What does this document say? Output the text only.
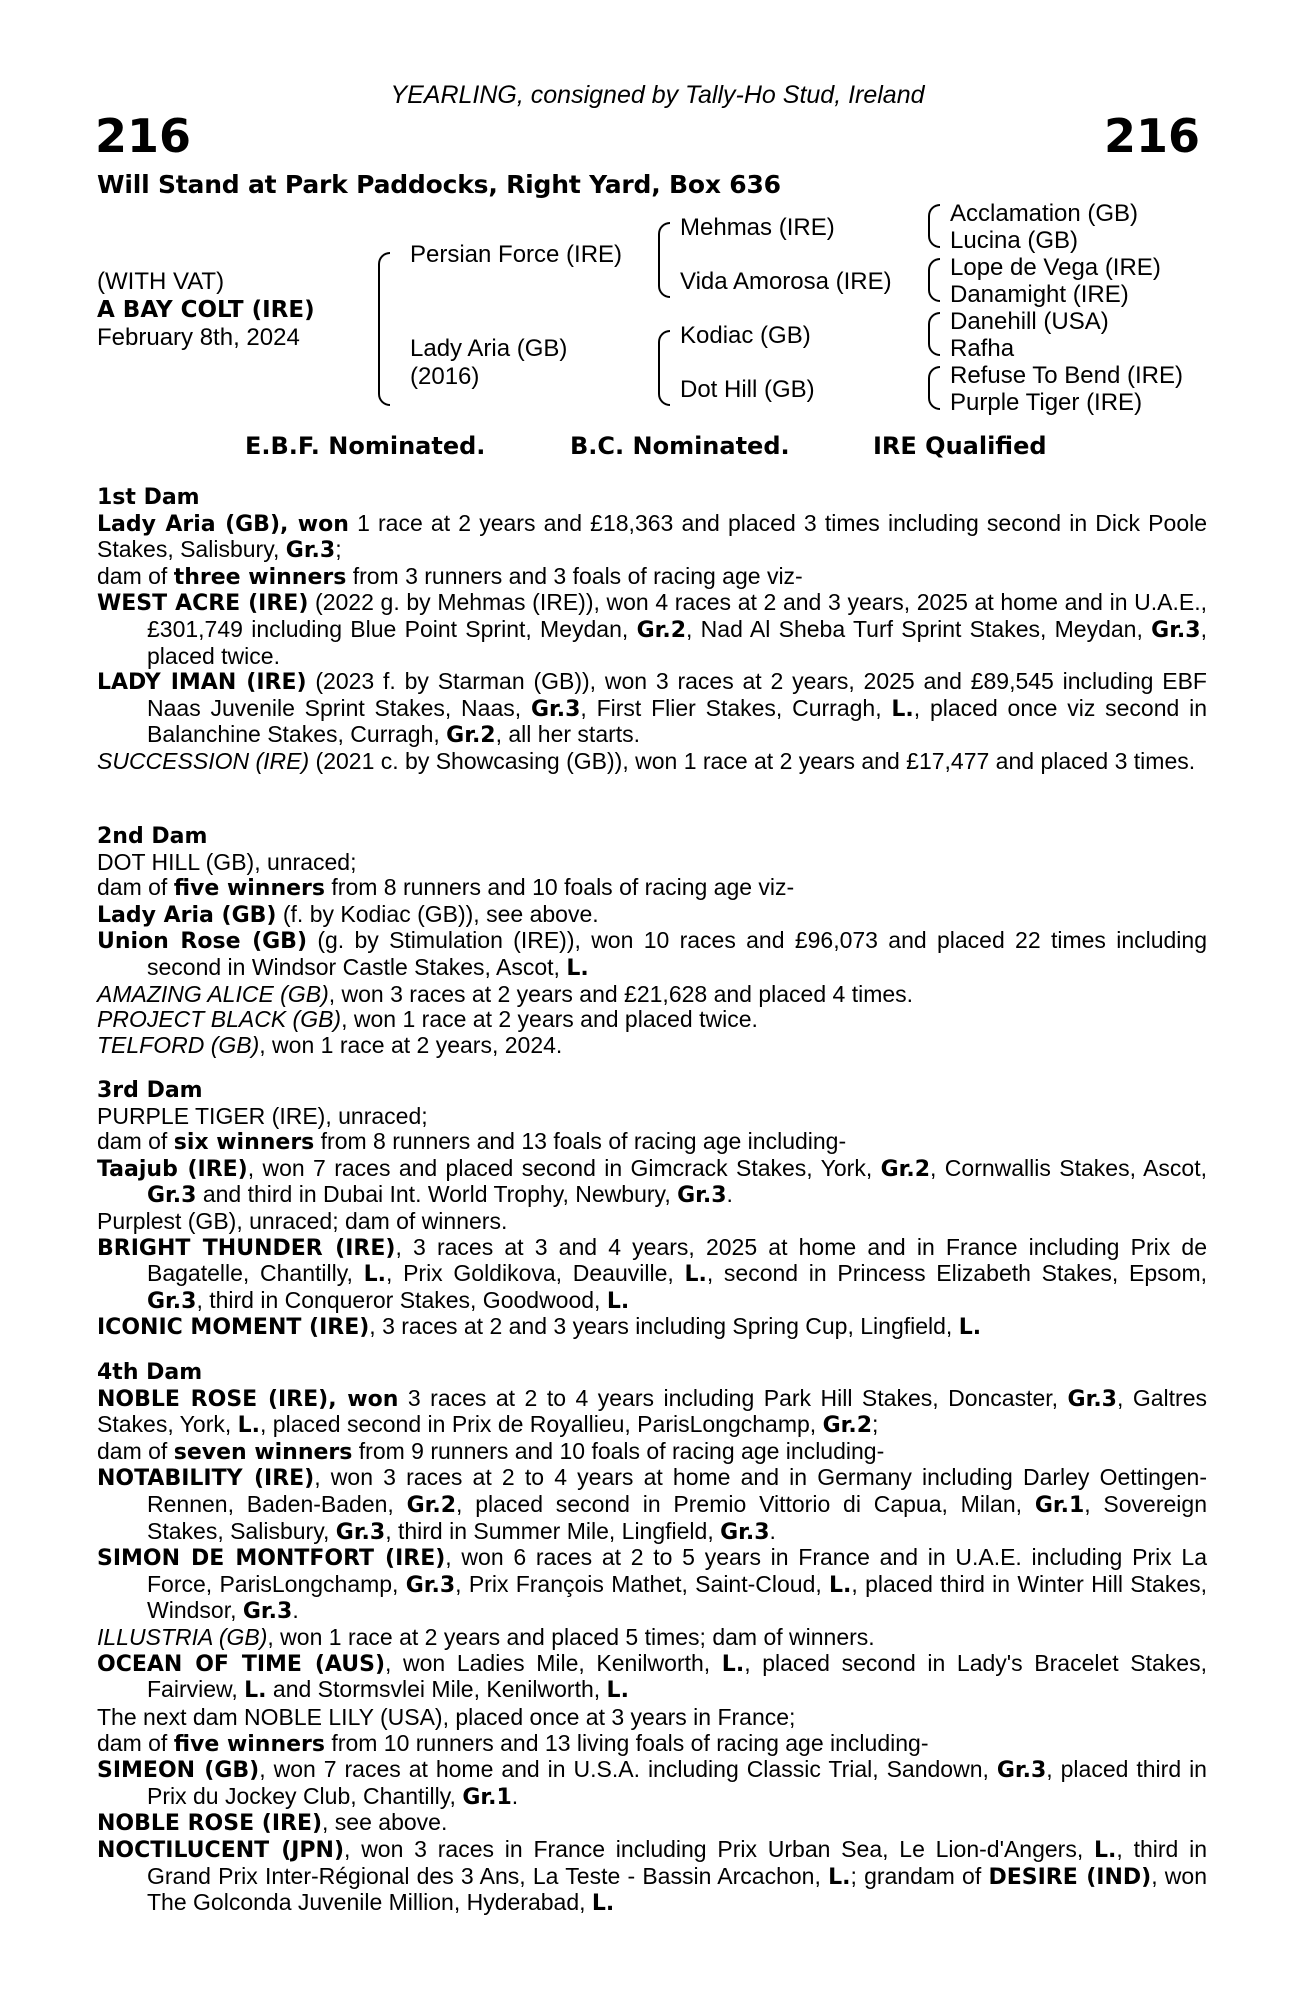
YEARLING, consigned by Tally-Ho Stud, Ireland
216	216
Will Stand at Park Paddocks, Right Yard, Box 636
(WITH VAT)
A BAY COLT (IRE)
February 8th, 2024
Persian Force (IRE)
Lady Aria (GB)
(2016)
Mehmas (IRE)
Vida Amorosa (IRE)
Kodiac (GB)
Dot Hill (GB)
Acclamation (GB)
Lucina (GB)
Lope de Vega (IRE)
Danamight (IRE)
Danehill (USA)
Rafha
Refuse To Bend (IRE)
Purple Tiger (IRE)
E.B.F. Nominated.	B.C. Nominated.	IRE Qualified

1st Dam

Lady Aria (GB), won 1 race at 2 years and £18,363 and placed 3 times including second in Dick Poole Stakes, Salisbury, Gr.3;

dam of three winners from 3 runners and 3 foals of racing age viz-

WEST ACRE (IRE) (2022 g. by Mehmas (IRE)), won 4 races at 2 and 3 years, 2025 at home and in U.A.E., £301,749 including Blue Point Sprint, Meydan, Gr.2, Nad Al Sheba Turf Sprint Stakes, Meydan, Gr.3, placed twice.

LADY IMAN (IRE) (2023 f. by Starman (GB)), won 3 races at 2 years, 2025 and £89,545 including EBF Naas Juvenile Sprint Stakes, Naas, Gr.3, First Flier Stakes, Curragh, L., placed once viz second in Balanchine Stakes, Curragh, Gr.2, all her starts.

SUCCESSION (IRE) (2021 c. by Showcasing (GB)), won 1 race at 2 years and £17,477 and placed 3 times.

2nd Dam

DOT HILL (GB), unraced;

dam of five winners from 8 runners and 10 foals of racing age viz-

Lady Aria (GB) (f. by Kodiac (GB)), see above.

Union Rose (GB) (g. by Stimulation (IRE)), won 10 races and £96,073 and placed 22 times including second in Windsor Castle Stakes, Ascot, L.

AMAZING ALICE (GB), won 3 races at 2 years and £21,628 and placed 4 times.

PROJECT BLACK (GB), won 1 race at 2 years and placed twice.

TELFORD (GB), won 1 race at 2 years, 2024.

3rd Dam

PURPLE TIGER (IRE), unraced;

dam of six winners from 8 runners and 13 foals of racing age including-

Taajub (IRE), won 7 races and placed second in Gimcrack Stakes, York, Gr.2, Cornwallis Stakes, Ascot, Gr.3 and third in Dubai Int. World Trophy, Newbury, Gr.3.

Purplest (GB), unraced; dam of winners.

BRIGHT THUNDER (IRE), 3 races at 3 and 4 years, 2025 at home and in France including Prix de Bagatelle, Chantilly, L., Prix Goldikova, Deauville, L., second in Princess Elizabeth Stakes, Epsom, Gr.3, third in Conqueror Stakes, Goodwood, L.

ICONIC MOMENT (IRE), 3 races at 2 and 3 years including Spring Cup, Lingfield, L.

4th Dam

NOBLE ROSE (IRE), won 3 races at 2 to 4 years including Park Hill Stakes, Doncaster, Gr.3, Galtres Stakes, York, L., placed second in Prix de Royallieu, ParisLongchamp, Gr.2;

dam of seven winners from 9 runners and 10 foals of racing age including-

NOTABILITY (IRE), won 3 races at 2 to 4 years at home and in Germany including Darley Oettingen-Rennen, Baden-Baden, Gr.2, placed second in Premio Vittorio di Capua, Milan, Gr.1, Sovereign Stakes, Salisbury, Gr.3, third in Summer Mile, Lingfield, Gr.3.

SIMON DE MONTFORT (IRE), won 6 races at 2 to 5 years in France and in U.A.E. including Prix La Force, ParisLongchamp, Gr.3, Prix François Mathet, Saint-Cloud, L., placed third in Winter Hill Stakes, Windsor, Gr.3.

ILLUSTRIA (GB), won 1 race at 2 years and placed 5 times; dam of winners.

OCEAN OF TIME (AUS), won Ladies Mile, Kenilworth, L., placed second in Lady's Bracelet Stakes, Fairview, L. and Stormsvlei Mile, Kenilworth, L.

The next dam NOBLE LILY (USA), placed once at 3 years in France;

dam of five winners from 10 runners and 13 living foals of racing age including-

SIMEON (GB), won 7 races at home and in U.S.A. including Classic Trial, Sandown, Gr.3, placed third in Prix du Jockey Club, Chantilly, Gr.1.

NOBLE ROSE (IRE), see above.

NOCTILUCENT (JPN), won 3 races in France including Prix Urban Sea, Le Lion-d'Angers, L., third in Grand Prix Inter-Régional des 3 Ans, La Teste - Bassin Arcachon, L.; grandam of DESIRE (IND), won The Golconda Juvenile Million, Hyderabad, L.
